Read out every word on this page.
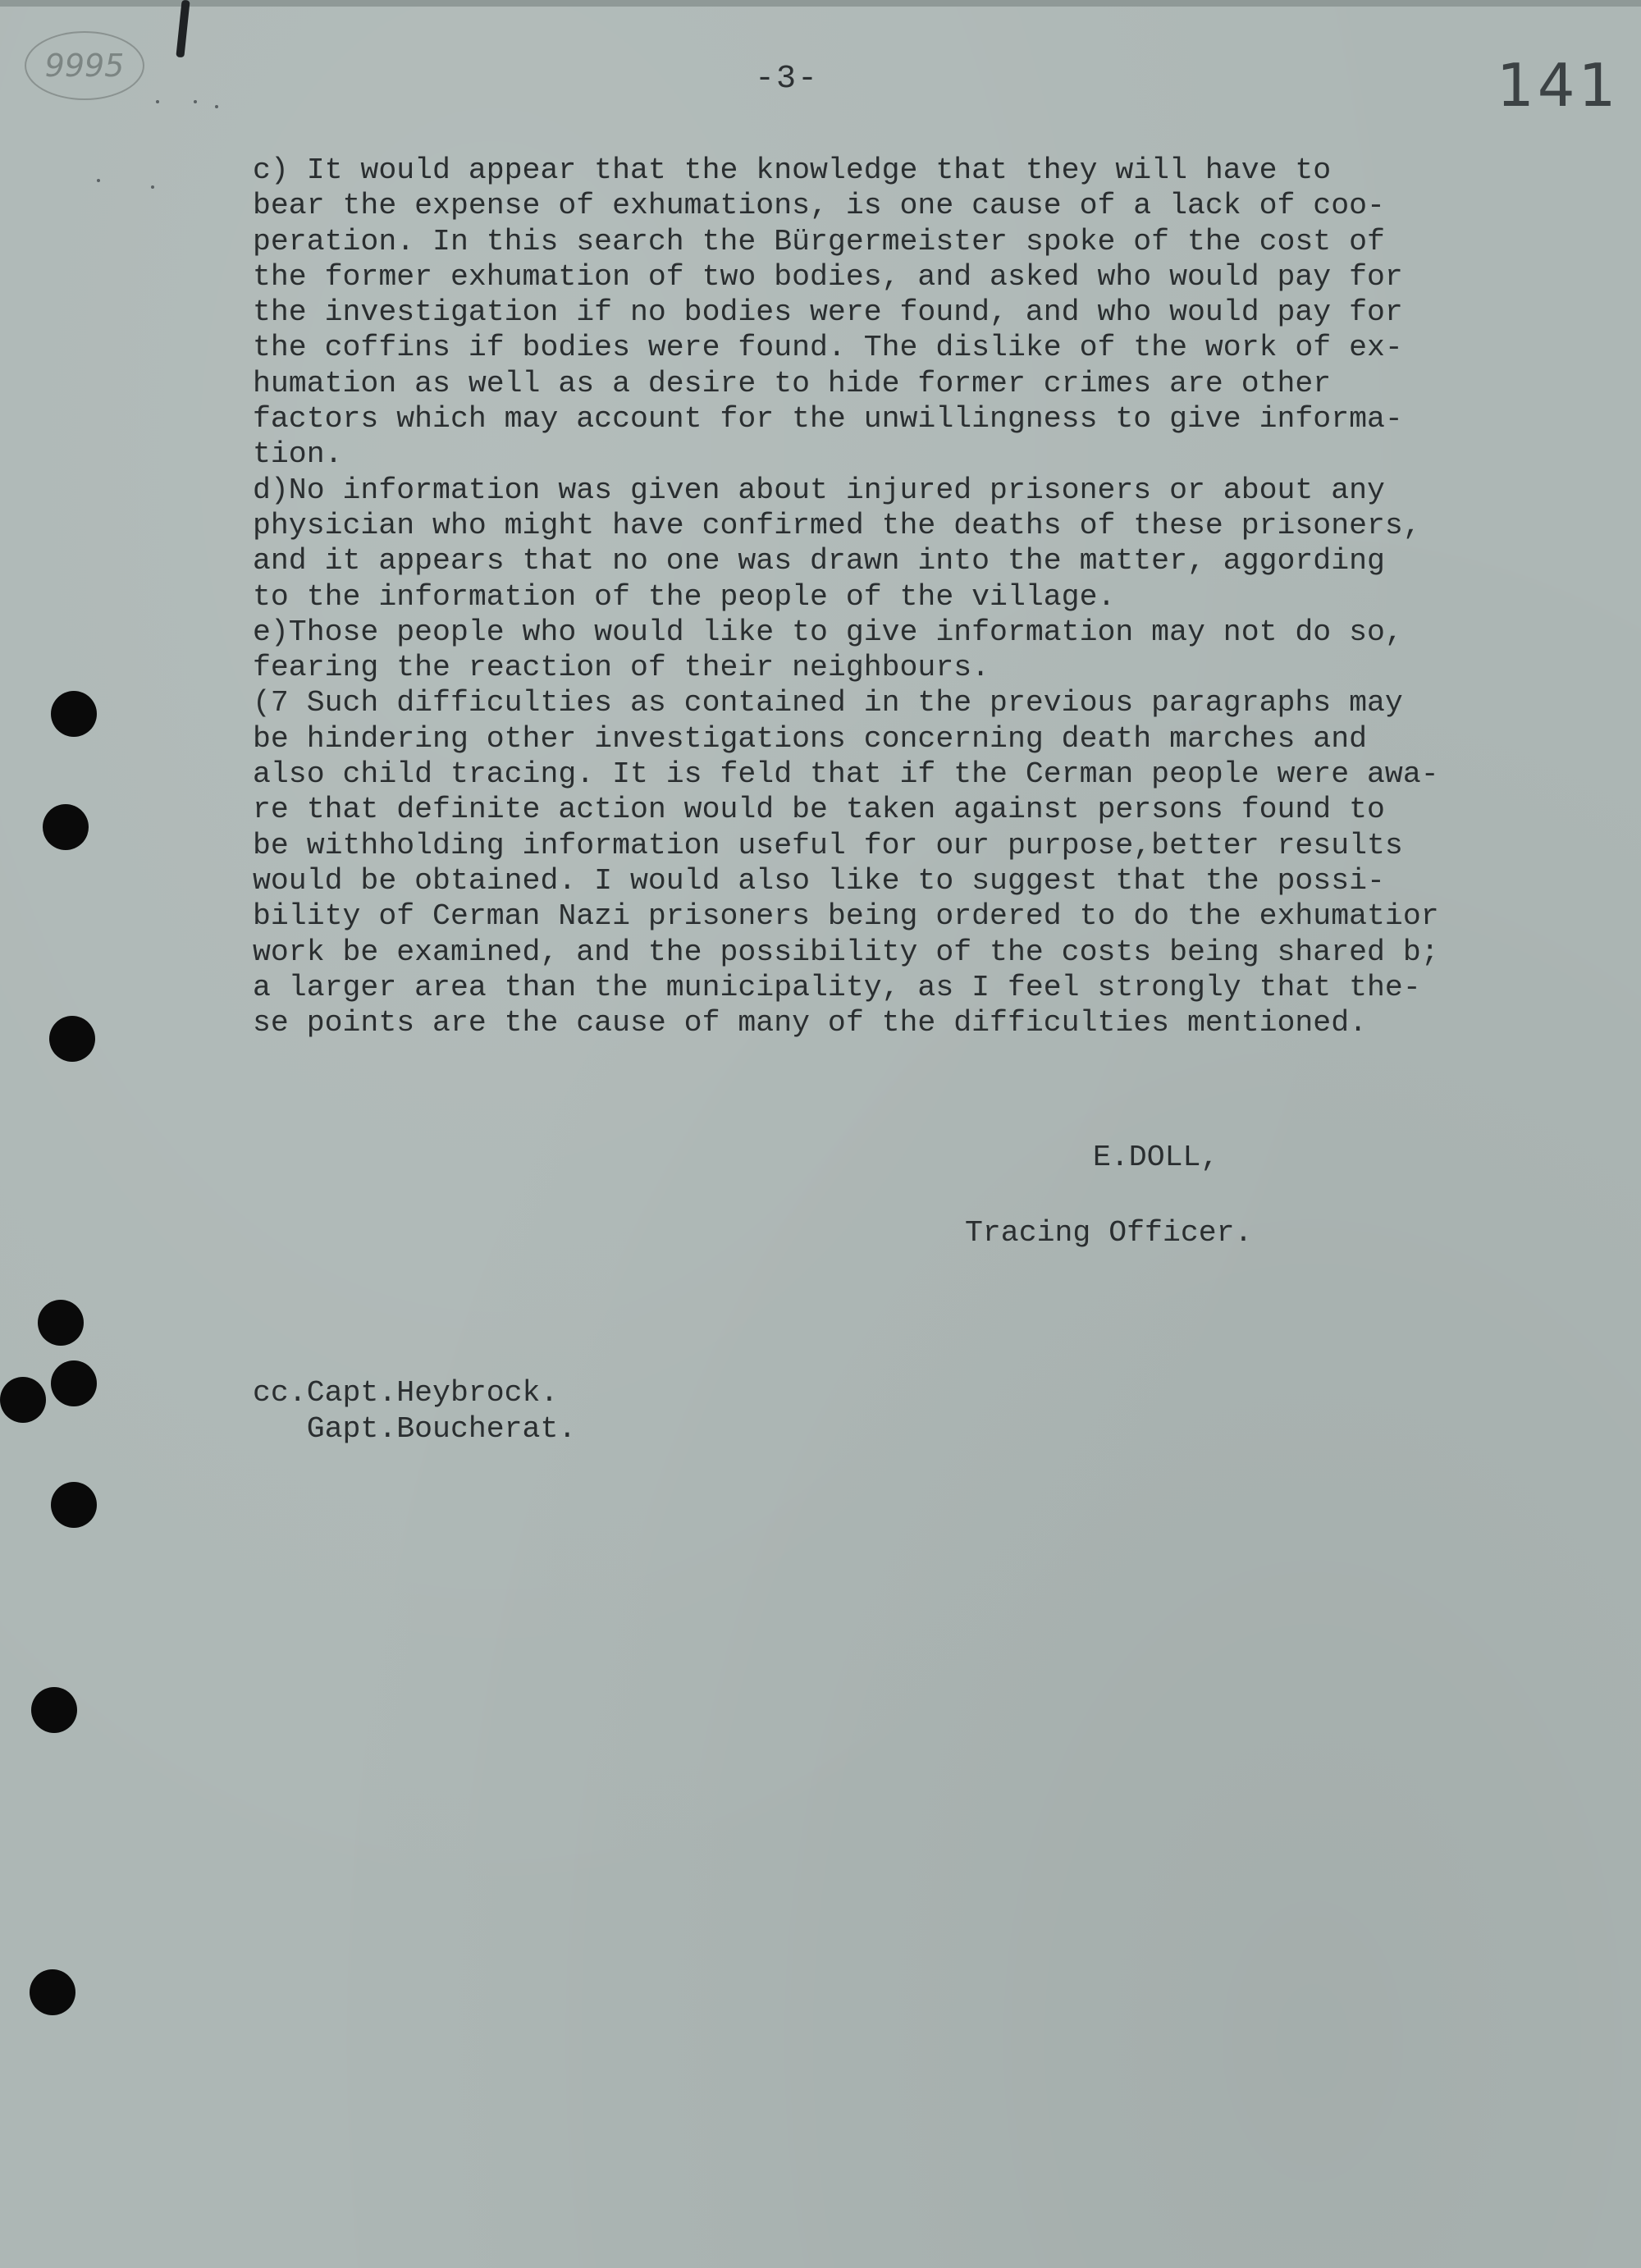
9995	-3-	141
c) It would appear that the knowledge that they will have to
bear the expense of exhumations, is one cause of a lack of coo-
peration. In this search the Bürgermeister spoke of the cost of
the former exhumation of two bodies, and asked who would pay for
the investigation if no bodies were found, and who would pay for
the coffins if bodies were found. The dislike of the work of ex-
humation as well as a desire to hide former crimes are other
factors which may account for the unwillingness to give informa-
tion.
d)No information was given about injured prisoners or about any
physician who might have confirmed the deaths of these prisoners,
and it appears that no one was drawn into the matter, aggording
to the information of the people of the village.
e)Those people who would like to give information may not do so,
fearing the reaction of their neighbours.
(7 Such difficulties as contained in the previous paragraphs may
be hindering other investigations concerning death marches and
also child tracing. It is feld that if the Cerman people were awa-
re that definite action would be taken against persons found to
be withholding information useful for our purpose,better results
would be obtained. I would also like to suggest that the possi-
bility of Cerman Nazi prisoners being ordered to do the exhumatior
work be examined, and the possibility of the costs being shared b;
a larger area than the municipality, as I feel strongly that the-
se points are the cause of many of the difficulties mentioned.
E.DOLL,
Tracing Officer.
cc.Capt.Heybrock.
Gapt.Boucherat.
